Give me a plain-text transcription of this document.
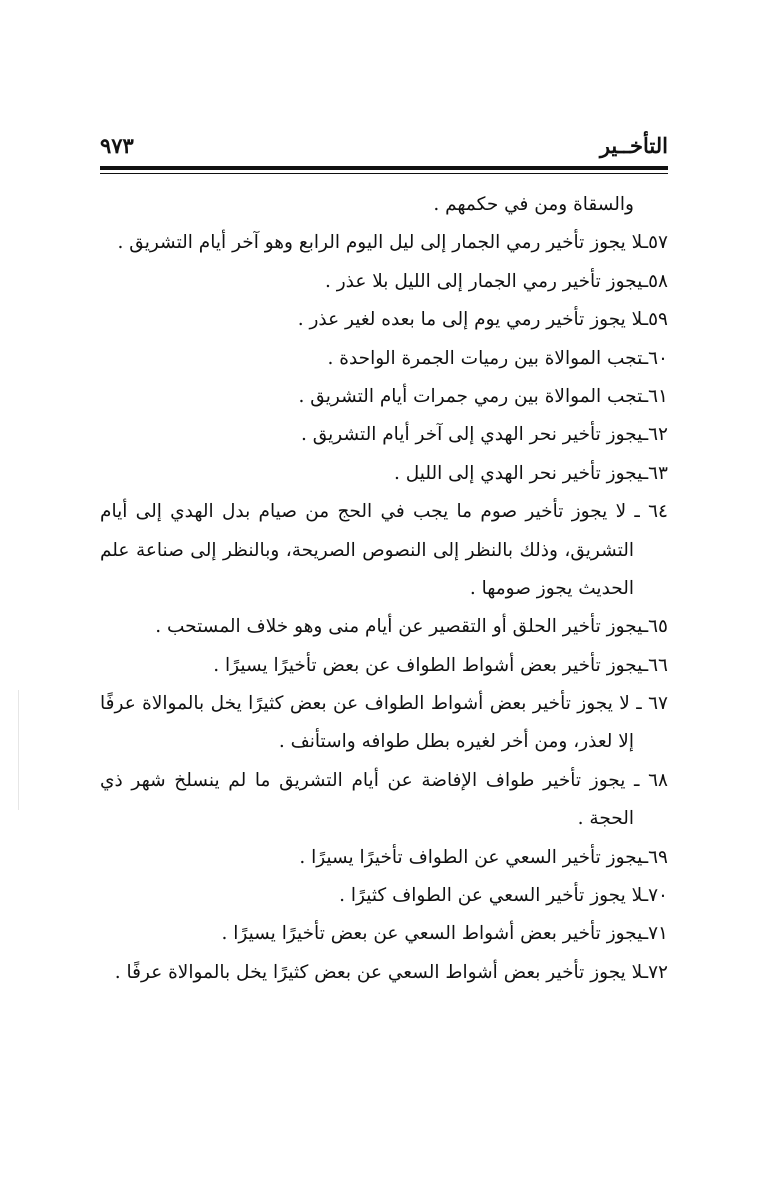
التأخــير
٩٧٣
والسقاة ومن في حكمهم .
٥٧ـلا يجوز تأخير رمي الجمار إلى ليل اليوم الرابع وهو آخر أيام التشريق .
٥٨ـيجوز تأخير رمي الجمار إلى الليل بلا عذر .
٥٩ـلا يجوز تأخير رمي يوم إلى ما بعده لغير عذر .
٦٠ـتجب الموالاة بين رميات الجمرة الواحدة .
٦١ـتجب الموالاة بين رمي جمرات أيام التشريق .
٦٢ـيجوز تأخير نحر الهدي إلى آخر أيام التشريق .
٦٣ـيجوز تأخير نحر الهدي إلى الليل .
٦٤ ـ لا يجوز تأخير صوم ما يجب في الحج من صيام بدل الهدي إلى أيام
التشريق، وذلك بالنظر إلى النصوص الصريحة، وبالنظر إلى صناعة علم
الحديث يجوز صومها .
٦٥ـيجوز تأخير الحلق أو التقصير عن أيام منى وهو خلاف المستحب .
٦٦ـيجوز تأخير بعض أشواط الطواف عن بعض تأخيرًا يسيرًا .
٦٧ ـ لا يجوز تأخير بعض أشواط الطواف عن بعض كثيرًا يخل بالموالاة عرفًا
إلا لعذر، ومن أخر لغيره بطل طوافه واستأنف .
٦٨ ـ يجوز تأخير طواف الإفاضة عن أيام التشريق ما لم ينسلخ شهر ذي
الحجة .
٦٩ـيجوز تأخير السعي عن الطواف تأخيرًا يسيرًا .
٧٠ـلا يجوز تأخير السعي عن الطواف كثيرًا .
٧١ـيجوز تأخير بعض أشواط السعي عن بعض تأخيرًا يسيرًا .
٧٢ـلا يجوز تأخير بعض أشواط السعي عن بعض كثيرًا يخل بالموالاة عرفًا .
